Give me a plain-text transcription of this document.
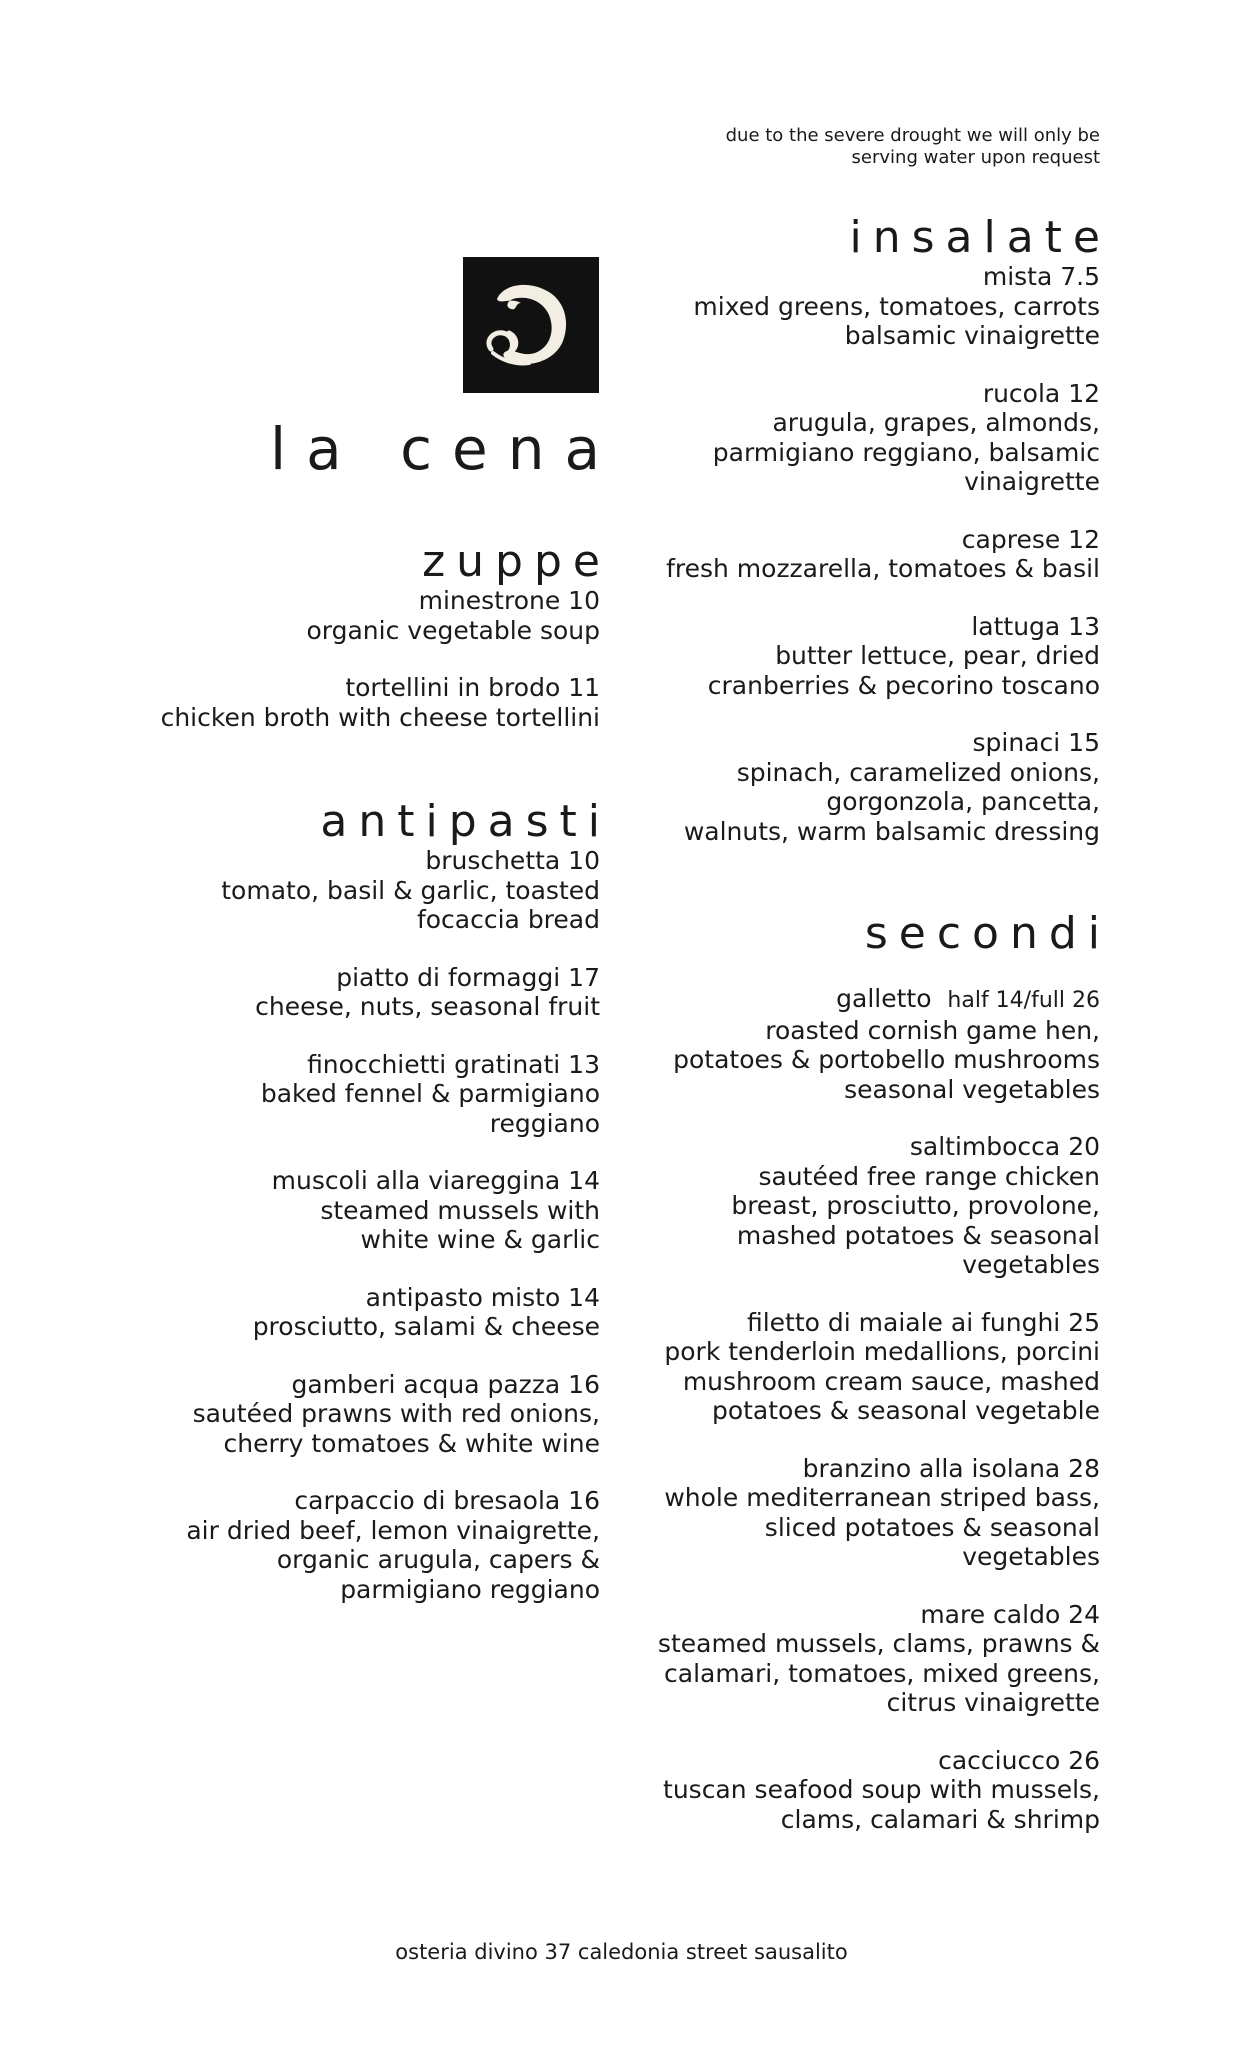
due to the severe drought we will only be
serving water upon request
la cena
zuppe
minestrone 10
organic vegetable soup
tortellini in brodo 11
chicken broth with cheese tortellini
antipasti
bruschetta 10
tomato, basil & garlic, toasted
focaccia bread
piatto di formaggi 17
cheese, nuts, seasonal fruit
finocchietti gratinati 13
baked fennel & parmigiano
reggiano
muscoli alla viareggina 14
steamed mussels with
white wine & garlic
antipasto misto 14
prosciutto, salami & cheese
gamberi acqua pazza 16
sautéed prawns with red onions,
cherry tomatoes & white wine
carpaccio di bresaola 16
air dried beef, lemon vinaigrette,
organic arugula, capers &
parmigiano reggiano
insalate
mista 7.5
mixed greens, tomatoes, carrots
balsamic vinaigrette
rucola 12
arugula, grapes, almonds,
parmigiano reggiano, balsamic
vinaigrette
caprese 12
fresh mozzarella, tomatoes & basil
lattuga 13
butter lettuce, pear, dried
cranberries & pecorino toscano
spinaci 15
spinach, caramelized onions,
gorgonzola, pancetta,
walnuts, warm balsamic dressing
secondi
galletto half 14/full 26
roasted cornish game hen,
potatoes & portobello mushrooms
seasonal vegetables
saltimbocca 20
sautéed free range chicken
breast, prosciutto, provolone,
mashed potatoes & seasonal
vegetables
filetto di maiale ai funghi 25
pork tenderloin medallions, porcini
mushroom cream sauce, mashed
potatoes & seasonal vegetable
branzino alla isolana 28
whole mediterranean striped bass,
sliced potatoes & seasonal
vegetables
mare caldo 24
steamed mussels, clams, prawns &
calamari, tomatoes, mixed greens,
citrus vinaigrette
cacciucco 26
tuscan seafood soup with mussels,
clams, calamari & shrimp
osteria divino 37 caledonia street sausalito
